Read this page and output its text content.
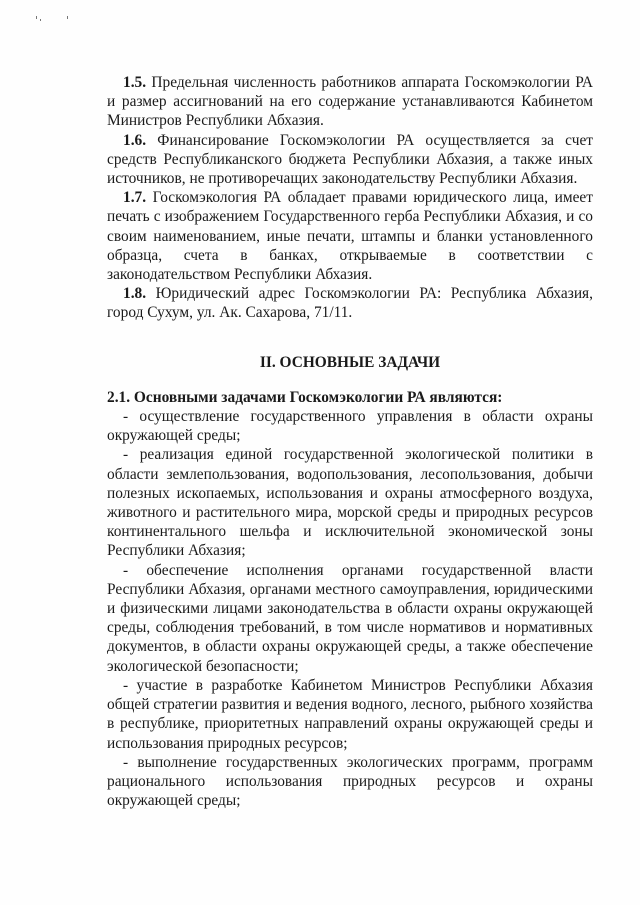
1.5. Предельная численность работников аппарата Госкомэкологии РА и размер ассигнований на его содержание устанавливаются Кабинетом Министров Республики Абхазия.

1.6. Финансирование Госкомэкологии РА осуществляется за счет средств Республиканского бюджета Республики Абхазия, а также иных источников, не противоречащих законодательству Республики Абхазия.

1.7. Госкомэкология РА обладает правами юридического лица, имеет печать с изображением Государственного герба Республики Абхазия, и со своим наименованием, иные печати, штампы и бланки установленного образца, счета в банках, открываемые в соответствии с законодательством Республики Абхазия.

1.8. Юридический адрес Госкомэкологии РА: Республика Абхазия, город Сухум, ул. Ак. Сахарова, 71/11.

II. ОСНОВНЫЕ ЗАДАЧИ

2.1. Основными задачами Госкомэкологии РА являются:

- осуществление государственного управления в области охраны окружающей среды;

- реализация единой государственной экологической политики в области землепользования, водопользования, лесопользования, добычи полезных ископаемых, использования и охраны атмосферного воздуха, животного и растительного мира, морской среды и природных ресурсов континентального шельфа и исключительной экономической зоны Республики Абхазия;

- обеспечение исполнения органами государственной власти Республики Абхазия, органами местного самоуправления, юридическими и физическими лицами законодательства в области охраны окружающей среды, соблюдения требований, в том числе нормативов и нормативных документов, в области охраны окружающей среды, а также обеспечение экологической безопасности;

- участие в разработке Кабинетом Министров Республики Абхазия общей стратегии развития и ведения водного, лесного, рыбного хозяйства в республике, приоритетных направлений охраны окружающей среды и использования природных ресурсов;

- выполнение государственных экологических программ, программ рационального использования природных ресурсов и охраны окружающей среды;
